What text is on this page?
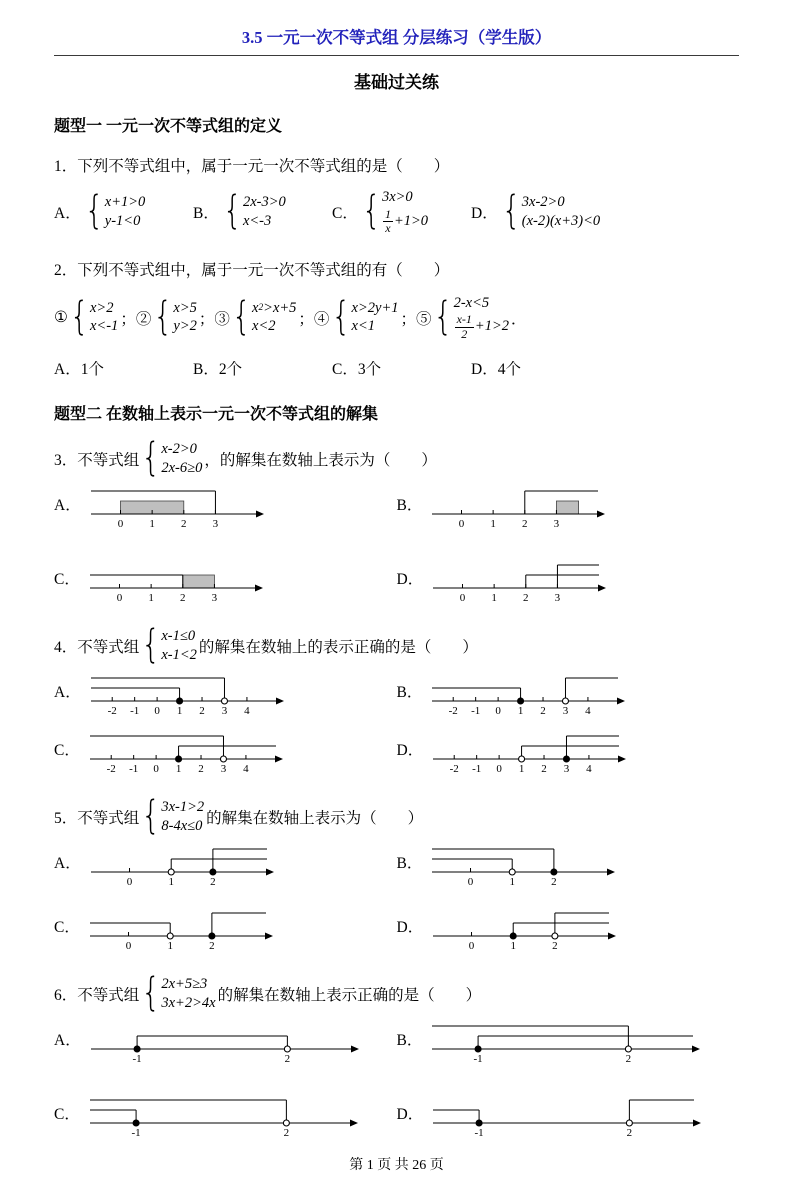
3.5 一元一次不等式组 分层练习（学生版）
基础过关练
题型一 一元一次不等式组的定义
1．下列不等式组中，属于一元一次不等式组的是（　　）
A． { x+1>0
y-1<0	B． { 2x-3>0
x<-3	C． { 3x>0
$\frac{1}{x} +1>0$	D． { 3x-2>0
(x-2)(x+3)<0
2．下列不等式组中，属于一元一次不等式组的有（　　）
① { x>2
x<-1 ；② { x>5
y>2 ；③ { x 2 >x+5
x<2 ；④ { x>2y+1
x<1 ；⑤ { 2-x<5
$\frac{x-1}{2} +1>2$ ．
A．1个	B．2个	C．3个	D．4个
题型二 在数轴上表示一元一次不等式组的解集
3．不等式组 { x-2>0
2x-6≥0 ，的解集在数轴上表示为（　　）
A．
0 1 2 3
B．
0 1 2 3
C．
0 1 2 3
D．
0 1 2 3
4．不等式组 { x-1≤0
x-1<2 的解集在数轴上的表示正确的是（　　）
A．
-2 -1 0 1 2 3 4
B．
-2 -1 0 1 2 3 4
C．
-2 -1 0 1 2 3 4
D．
-2 -1 0 1 2 3 4
5．不等式组 { 3x-1>2
8-4x≤0 的解集在数轴上表示为（　　）
A．
0	1	2
B．
0	1	2
C．
0	1	2
D．
0	1	2
6．不等式组 { 2x+5≥3
3x+2>4x 的解集在数轴上表示正确的是（　　）
A．
-1	2
B．
-1	2
C．
-1	2
D．
-1	2
第 1 页 共 26 页
